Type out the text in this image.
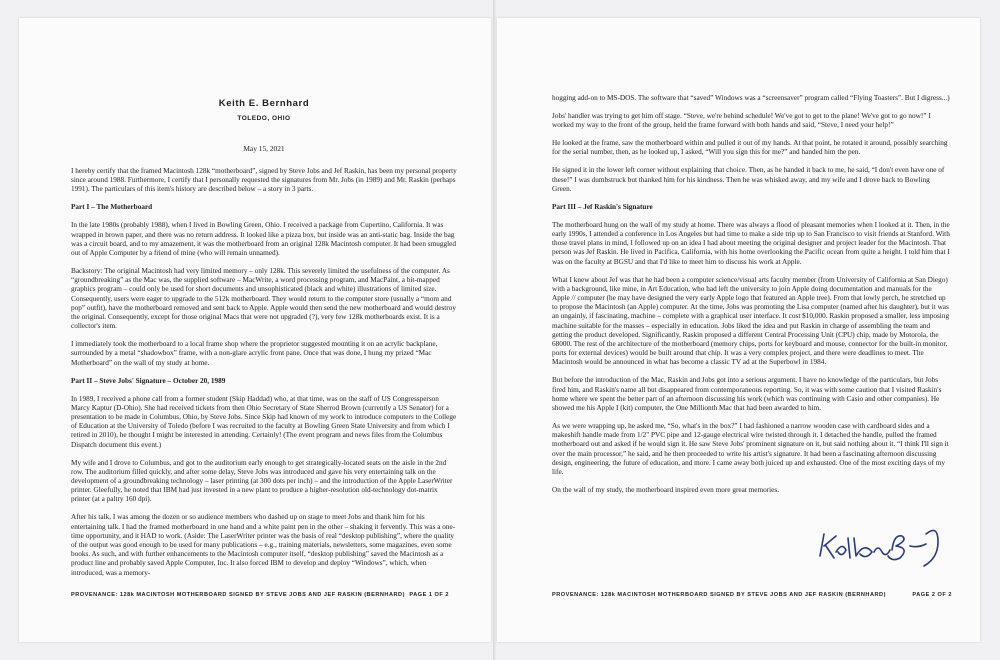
Keith E. Bernhard
TOLEDO, OHIO
May 15, 2021

I hereby certify that the framed Macintosh 128k “motherboard”, signed by Steve Jobs and Jef Raskin, has been my personal property since around 1988. Furthermore, I certify that I personally requested the signatures from Mr. Jobs (in 1989) and Mr. Raskin (perhaps 1991). The particulars of this item's history are described below – a story in 3 parts.

Part I – The Motherboard

In the late 1980s (probably 1988), when I lived in Bowling Green, Ohio. I received a package from Cupertino, California. It was wrapped in brown paper, and there was no return address. It looked like a pizza box, but inside was an anti-static bag. Inside the bag was a circuit board, and to my amazement, it was the motherboard from an original 128k Macintosh computer. It had been smuggled out of Apple Computer by a friend of mine (who will remain unnamed).

Backstory: The original Macintosh had very limited memory – only 128k. This severely limited the usefulness of the computer. As “groundbreaking” as the Mac was, the supplied software – MacWrite, a word processing program, and MacPaint, a bit-mapped graphics program – could only be used for short documents and unsophisticated (black and white) illustrations of limited size. Consequently, users were eager to upgrade to the 512k motherboard. They would return to the computer store (usually a “mom and pop” outfit), have the motherboard removed and sent back to Apple. Apple would then send the new motherboard and would destroy the original. Consequently, except for those original Macs that were not upgraded (?), very few 128k motherboards exist. It is a collector's item.

I immediately took the motherboard to a local frame shop where the proprietor suggested mounting it on an acrylic backplane, surrounded by a metal “shadowbox” frame, with a non-glare acrylic front pane. Once that was done, I hung my prized “Mac Motherboard” on the wall of my study at home.

Part II – Steve Jobs' Signature – October 20, 1989

In 1989, I received a phone call from a former student (Skip Haddad) who, at that time, was on the staff of US Congressperson Marcy Kaptur (D-Ohio). She had received tickets from then Ohio Secretary of State Sherrod Brown (currently a US Senator) for a presentation to be made in Columbus, Ohio, by Steve Jobs. Since Skip had known of my work to introduce computers to the College of Education at the University of Toledo (before I was recruited to the faculty at Bowling Green State University and from which I retired in 2010), he thought I might be interested in attending. Certainly! (The event program and news files from the Columbus Dispatch document this event.)

My wife and I drove to Columbus, and got to the auditorium early enough to get strategically-located seats on the aisle in the 2nd row. The auditorium filled quickly, and after some delay, Steve Jobs was introduced and gave his very entertaining talk on the development of a groundbreaking technology – laser printing (at 300 dots per inch) – and the introduction of the Apple LaserWriter printer. Gleefully, he noted that IBM had just invested in a new plant to produce a higher-resolution old-technology dot-matrix printer (at a paltry 160 dpi).

After his talk, I was among the dozen or so audience members who dashed up on stage to meet Jobs and thank him for his entertaining talk. I had the framed motherboard in one hand and a white paint pen in the other – shaking it fervently. This was a one-time opportunity, and it HAD to work. (Aside: The LaserWriter printer was the basis of real “desktop publishing”, where the quality of the output was good enough to be used for many publications – e.g., training materials, newsletters, some magazines, even some books. As such, and with further enhancements to the Macintosh computer itself, “desktop publishing” saved the Macintosh as a product line and probably saved Apple Computer, Inc. It also forced IBM to develop and deploy “Windows”, which, when introduced, was a memory-

PROVENANCE: 128k MACINTOSH MOTHERBOARD SIGNED BY STEVE JOBS AND JEF RASKIN (BERNHARD) PAGE 1 OF 2

hogging add-on to MS-DOS. The software that “saved” Windows was a “screensaver” program called “Flying Toasters”. But I digress...)

Jobs' handler was trying to get him off stage. “Steve, we're behind schedule! We've got to get to the plane! We've got to go now!” I worked my way to the front of the group, held the frame forward with both hands and said, “Steve, I need your help!”

He looked at the frame, saw the motherboard within and pulled it out of my hands. At that point, he rotated it around, possibly searching for the serial number, then, as he looked up, I asked, “Will you sign this for me?” and handed him the pen.

He signed it in the lower left corner without explaining that choice. Then, as he handed it back to me, he said, “I don't even have one of these!” I was dumbstruck but thanked him for his kindness. Then he was whisked away, and my wife and I drove back to Bowling Green.

Part III – Jef Raskin's Signature

The motherboard hung on the wall of my study at home. There was always a flood of pleasant memories when I looked at it. Then, in the early 1990s, I attended a conference in Los Angeles but had time to make a side trip up to San Francisco to visit friends at Stanford. With those travel plans in mind, I followed up on an idea I had about meeting the original designer and project leader for the Macintosh. That person was Jef Raskin. He lived in Pacifica, California, with his home overlooking the Pacific ocean from quite a height. I told him that I was on the faculty at BGSU and that I'd like to meet him to discuss his work at Apple.

What I knew about Jef was that he had been a computer science/visual arts faculty member (from University of California at San Diego) with a background, like mine, in Art Education, who had left the university to join Apple doing documentation and manuals for the Apple // computer (he may have designed the very early Apple logo that featured an Apple tree). From that lowly perch, he stretched up to propose the Macintosh (an Apple) computer. At the time, Jobs was promoting the Lisa computer (named after his daughter), but it was an ungainly, if fascinating, machine – complete with a graphical user interface. It cost $10,000. Raskin proposed a smaller, less imposing machine suitable for the masses – especially in education. Jobs liked the idea and put Raskin in charge of assembling the team and getting the product developed. Significantly, Raskin proposed a different Central Processing Unit (CPU) chip, made by Motorola, the 68000. The rest of the architecture of the motherboard (memory chips, ports for keyboard and mouse, connector for the built-in monitor, ports for external devices) would be built around that chip. It was a very complex project, and there were deadlines to meet. The Macintosh would be announced in what has become a classic TV ad at the Superbowl in 1984.

But before the introduction of the Mac, Raskin and Jobs got into a serious argument. I have no knowledge of the particulars, but Jobs fired him, and Raskin's name all but disappeared from contemporaneous reporting. So, it was with some caution that I visited Raskin's home where we spent the better part of an afternoon discussing his work (which was continuing with Casio and other companies). He showed me his Apple I (kit) computer, the One Millionth Mac that had been awarded to him.

As we were wrapping up, he asked me, “So, what's in the box?” I had fashioned a narrow wooden case with cardboard sides and a makeshift handle made from 1/2" PVC pipe and 12-gauge electrical wire twisted through it. I detached the handle, pulled the framed motherboard out and asked if he would sign it. He saw Steve Jobs' prominent signature on it, but said nothing about it. “I think I'll sign it over the main processor,” he said, and he then proceeded to write his artist's signature. It had been a fascinating afternoon discussing design, engineering, the future of education, and more. I came away both juiced up and exhausted. One of the most exciting days of my life.

On the wall of my study, the motherboard inspired even more great memories.

PROVENANCE: 128k MACINTOSH MOTHERBOARD SIGNED BY STEVE JOBS AND JEF RASKIN (BERNHARD)	PAGE 2 OF 2
